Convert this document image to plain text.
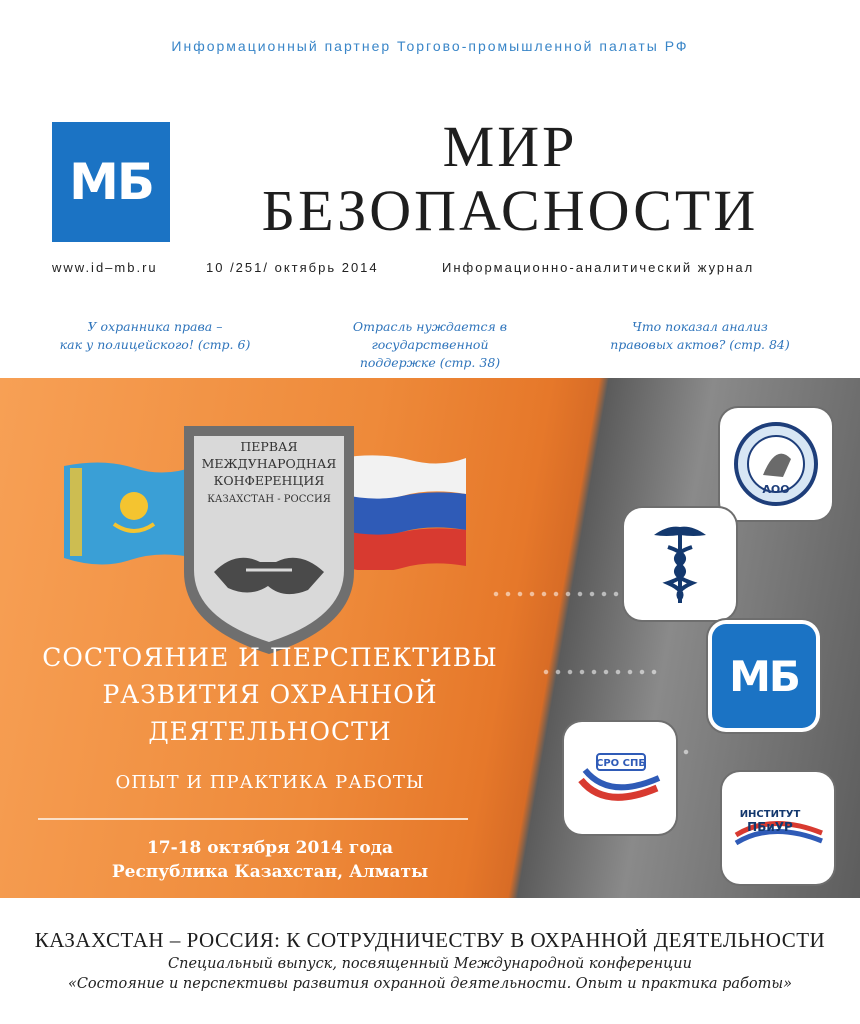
Информационный партнер Торгово-промышленной палаты РФ
МБ
МИР
БЕЗОПАСНОСТИ
www.id–mb.ru	10 /251/ октябрь 2014	Информационно-аналитический журнал
У охранника права –
как у полицейского! (стр. 6)
Отрасль нуждается в государственной
поддержке (стр. 38)
Что показал анализ
правовых актов? (стр. 84)
ПЕРВАЯ
МЕЖДУНАРОДНАЯ
КОНФЕРЕНЦИЯ
КАЗАХСТАН - РОССИЯ
СОСТОЯНИЕ И ПЕРСПЕКТИВЫ
РАЗВИТИЯ ОХРАННОЙ
ДЕЯТЕЛЬНОСТИ
ОПЫТ И ПРАКТИКА РАБОТЫ
17-18 октября 2014 года
Республика Казахстан, Алматы
АОО
МБ
СРО СПБ
ИНСТИТУТ
ПБиУР
КАЗАХСТАН – РОССИЯ: К СОТРУДНИЧЕСТВУ В ОХРАННОЙ ДЕЯТЕЛЬНОСТИ
Специальный выпуск, посвященный Международной конференции
«Состояние и перспективы развития охранной деятельности. Опыт и практика работы»
